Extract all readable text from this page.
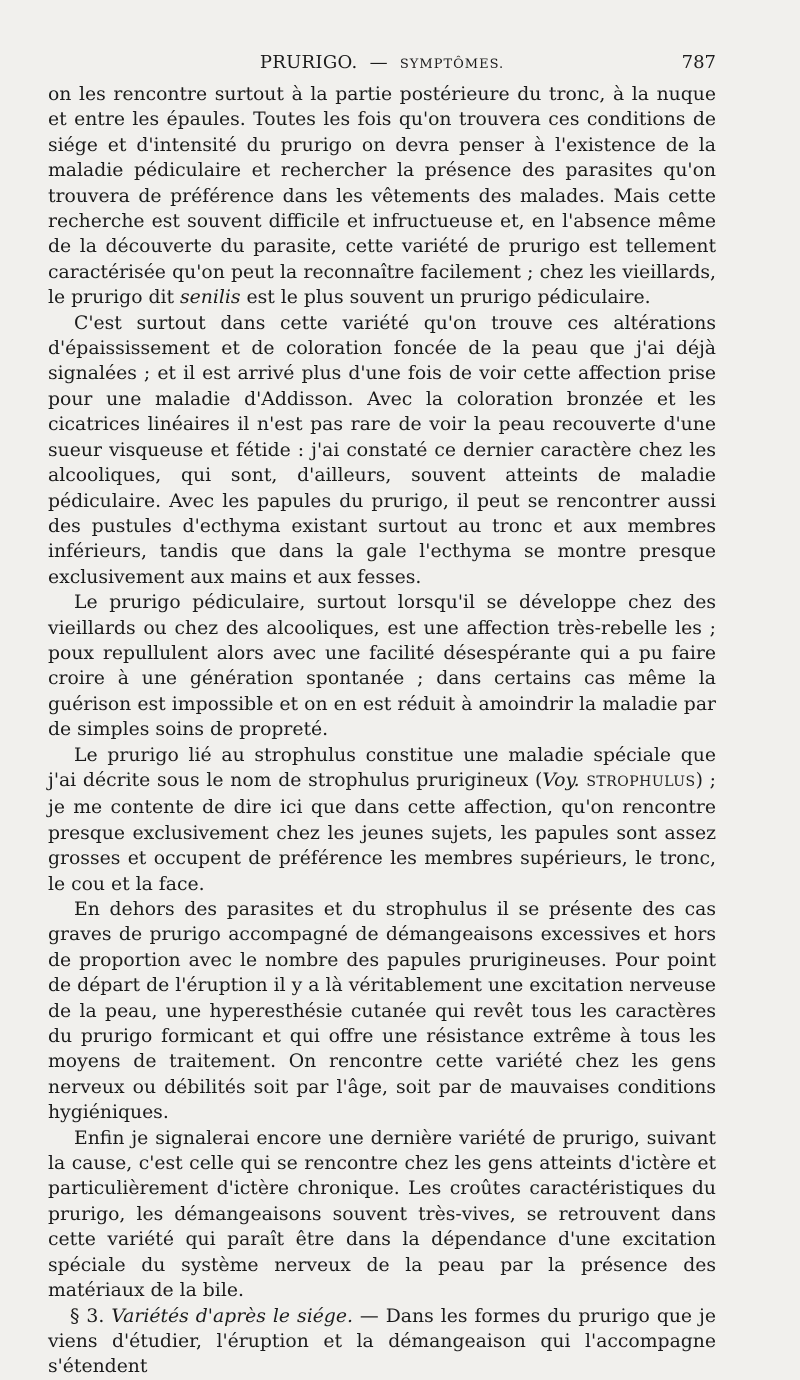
PRURIGO. — SYMPTÔMES.	787

on les rencontre surtout à la partie postérieure du tronc, à la nuque et entre les épaules. Toutes les fois qu'on trouvera ces conditions de siége et d'intensité du prurigo on devra penser à l'existence de la maladie pédiculaire et rechercher la présence des parasites qu'on trouvera de préférence dans les vêtements des malades. Mais cette recherche est souvent difficile et infructueuse et, en l'absence même de la découverte du parasite, cette variété de prurigo est tellement caractérisée qu'on peut la reconnaître facilement ; chez les vieillards, le prurigo dit senilis est le plus souvent un prurigo pédiculaire.

C'est surtout dans cette variété qu'on trouve ces altérations d'épaississement et de coloration foncée de la peau que j'ai déjà signalées ; et il est arrivé plus d'une fois de voir cette affection prise pour une maladie d'Addisson. Avec la coloration bronzée et les cicatrices linéaires il n'est pas rare de voir la peau recouverte d'une sueur visqueuse et fétide : j'ai constaté ce dernier caractère chez les alcooliques, qui sont, d'ailleurs, souvent atteints de maladie pédiculaire. Avec les papules du prurigo, il peut se rencontrer aussi des pustules d'ecthyma existant surtout au tronc et aux membres inférieurs, tandis que dans la gale l'ecthyma se montre presque exclusivement aux mains et aux fesses.

Le prurigo pédiculaire, surtout lorsqu'il se développe chez des vieillards ou chez des alcooliques, est une affection très-rebelle les ; poux repullulent alors avec une facilité désespérante qui a pu faire croire à une génération spontanée ; dans certains cas même la guérison est impossible et on en est réduit à amoindrir la maladie par de simples soins de propreté.

Le prurigo lié au strophulus constitue une maladie spéciale que j'ai décrite sous le nom de strophulus prurigineux (Voy. STROPHULUS) ; je me contente de dire ici que dans cette affection, qu'on rencontre presque exclusivement chez les jeunes sujets, les papules sont assez grosses et occupent de préférence les membres supérieurs, le tronc, le cou et la face.

En dehors des parasites et du strophulus il se présente des cas graves de prurigo accompagné de démangeaisons excessives et hors de proportion avec le nombre des papules prurigineuses. Pour point de départ de l'éruption il y a là véritablement une excitation nerveuse de la peau, une hyperesthésie cutanée qui revêt tous les caractères du prurigo formicant et qui offre une résistance extrême à tous les moyens de traitement. On rencontre cette variété chez les gens nerveux ou débilités soit par l'âge, soit par de mauvaises conditions hygiéniques.

Enfin je signalerai encore une dernière variété de prurigo, suivant la cause, c'est celle qui se rencontre chez les gens atteints d'ictère et particulièrement d'ictère chronique. Les croûtes caractéristiques du prurigo, les démangeaisons souvent très-vives, se retrouvent dans cette variété qui paraît être dans la dépendance d'une excitation spéciale du système nerveux de la peau par la présence des matériaux de la bile.

§ 3. Variétés d'après le siége. — Dans les formes du prurigo que je viens d'étudier, l'éruption et la démangeaison qui l'accompagne s'étendent
